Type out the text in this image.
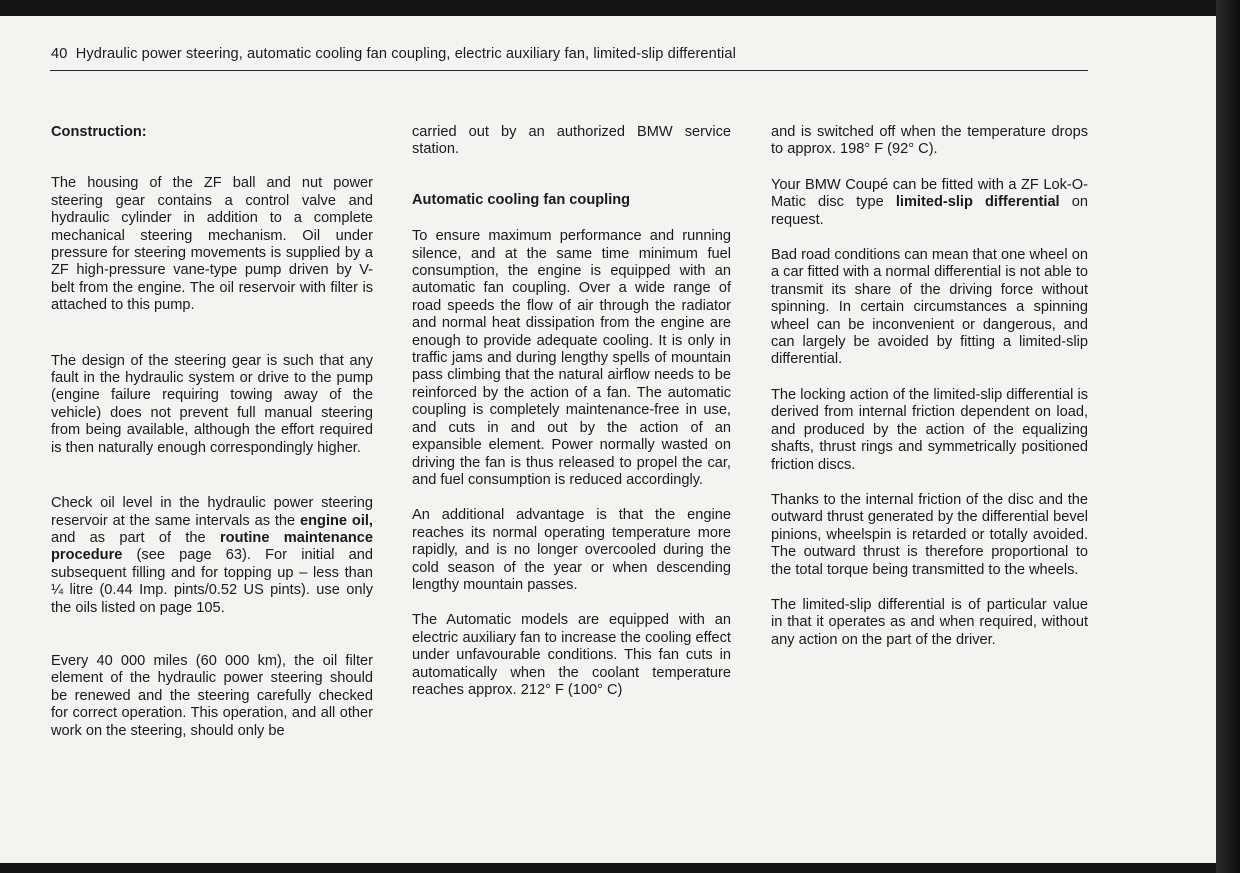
40 Hydraulic power steering, automatic cooling fan coupling, electric auxiliary fan, limited-slip differential

Construction:

The housing of the ZF ball and nut power steering gear contains a control valve and hydraulic cylinder in addition to a complete mechanical steering mechanism. Oil under pressure for steering movements is supplied by a ZF high-pressure vane-type pump driven by V-belt from the engine. The oil reservoir with filter is attached to this pump.

The design of the steering gear is such that any fault in the hydraulic system or drive to the pump (engine failure requiring towing away of the vehicle) does not prevent full manual steering from being available, although the effort required is then naturally enough correspondingly higher.

Check oil level in the hydraulic power steering reservoir at the same intervals as the engine oil, and as part of the routine maintenance procedure (see page 63). For initial and subsequent filling and for topping up – less than ¼ litre (0.44 Imp. pints/0.52 US pints). use only the oils listed on page 105.

Every 40 000 miles (60 000 km), the oil filter element of the hydraulic power steering should be renewed and the steering carefully checked for correct operation. This operation, and all other work on the steering, should only be

carried out by an authorized BMW service station.

Automatic cooling fan coupling

To ensure maximum performance and running silence, and at the same time minimum fuel consumption, the engine is equipped with an automatic fan coupling. Over a wide range of road speeds the flow of air through the radiator and normal heat dissipation from the engine are enough to provide adequate cooling. It is only in traffic jams and during lengthy spells of mountain pass climbing that the natural airflow needs to be reinforced by the action of a fan. The automatic coupling is completely maintenance-free in use, and cuts in and out by the action of an expansible element. Power normally wasted on driving the fan is thus released to propel the car, and fuel consumption is reduced accordingly.

An additional advantage is that the engine reaches its normal operating temperature more rapidly, and is no longer overcooled during the cold season of the year or when descending lengthy mountain passes.

The Automatic models are equipped with an electric auxiliary fan to increase the cooling effect under unfavourable conditions. This fan cuts in automatically when the coolant temperature reaches approx. 212° F (100° C)

and is switched off when the temperature drops to approx. 198° F (92° C).

Your BMW Coupé can be fitted with a ZF Lok-O-Matic disc type limited-slip differential on request.

Bad road conditions can mean that one wheel on a car fitted with a normal differential is not able to transmit its share of the driving force without spinning. In certain circumstances a spinning wheel can be inconvenient or dangerous, and can largely be avoided by fitting a limited-slip differential.

The locking action of the limited-slip differential is derived from internal friction dependent on load, and produced by the action of the equalizing shafts, thrust rings and symmetrically positioned friction discs.

Thanks to the internal friction of the disc and the outward thrust generated by the differential bevel pinions, wheelspin is retarded or totally avoided. The outward thrust is therefore proportional to the total torque being transmitted to the wheels.

The limited-slip differential is of particular value in that it operates as and when required, without any action on the part of the driver.
